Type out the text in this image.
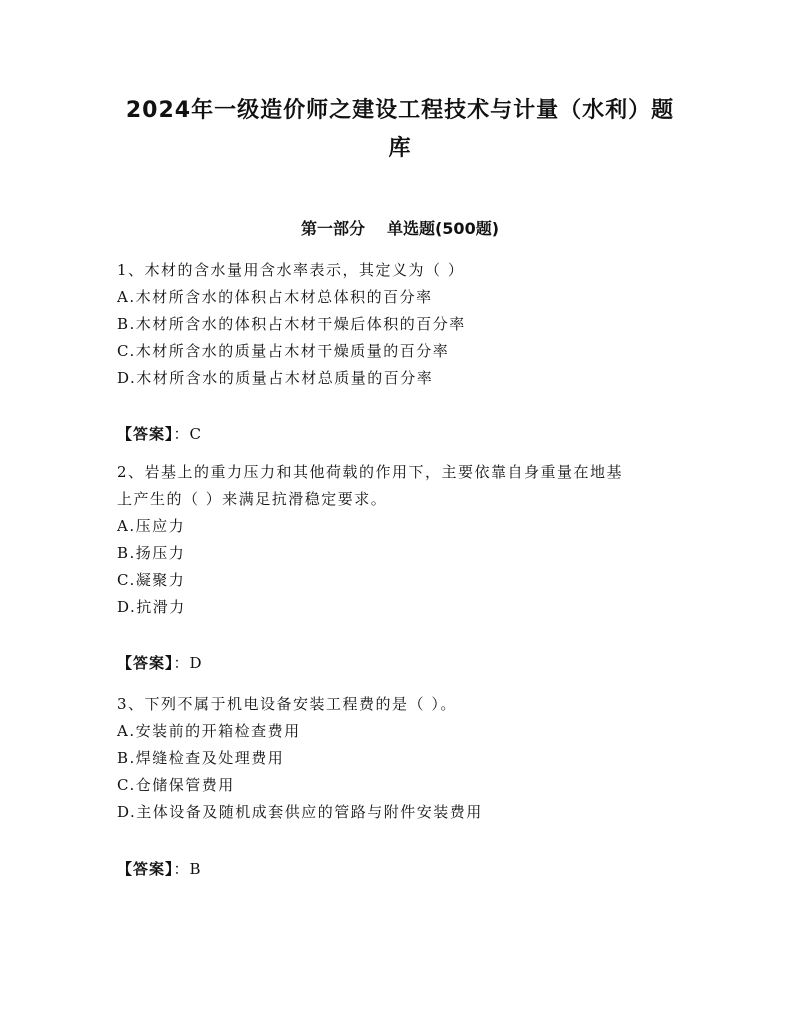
2024年一级造价师之建设工程技术与计量（水利）题
库
第一部分 单选题(500题)
1、木材的含水量用含水率表示，其定义为（ ）
A.木材所含水的体积占木材总体积的百分率
B.木材所含水的体积占木材干燥后体积的百分率
C.木材所含水的质量占木材干燥质量的百分率
D.木材所含水的质量占木材总质量的百分率
【答案】：C
2、岩基上的重力压力和其他荷载的作用下，主要依靠自身重量在地基
上产生的（ ）来满足抗滑稳定要求。
A.压应力
B.扬压力
C.凝聚力
D.抗滑力
【答案】：D
3、下列不属于机电设备安装工程费的是（ ）。
A.安装前的开箱检查费用
B.焊缝检查及处理费用
C.仓储保管费用
D.主体设备及随机成套供应的管路与附件安装费用
【答案】：B
